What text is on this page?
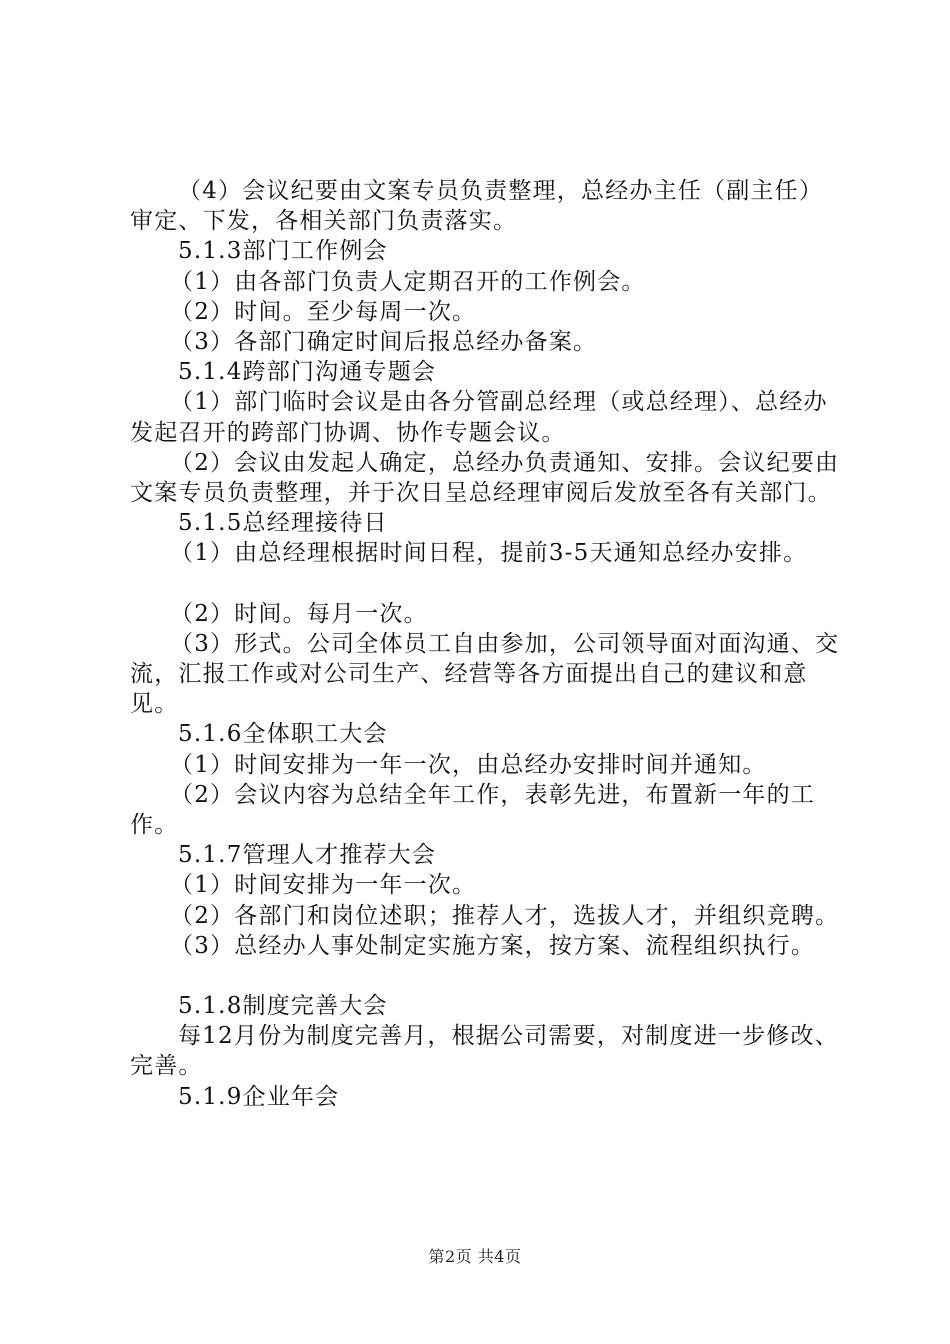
（4）会议纪要由文案专员负责整理，总经办主任（副主任）审定、下发，各相关部门负责落实。

5.1.3部门工作例会

（1）由各部门负责人定期召开的工作例会。

（2）时间。至少每周一次。

（3）各部门确定时间后报总经办备案。

5.1.4跨部门沟通专题会

（1）部门临时会议是由各分管副总经理（或总经理）、总经办发起召开的跨部门协调、协作专题会议。

（2）会议由发起人确定，总经办负责通知、安排。会议纪要由文案专员负责整理，并于次日呈总经理审阅后发放至各有关部门。

5.1.5总经理接待日

（1）由总经理根据时间日程，提前3-5天通知总经办安排。

（2）时间。每月一次。

（3）形式。公司全体员工自由参加，公司领导面对面沟通、交流，汇报工作或对公司生产、经营等各方面提出自己的建议和意见。

5.1.6全体职工大会

（1）时间安排为一年一次，由总经办安排时间并通知。

（2）会议内容为总结全年工作，表彰先进，布置新一年的工作。

5.1.7管理人才推荐大会

（1）时间安排为一年一次。

（2）各部门和岗位述职；推荐人才，选拔人才，并组织竞聘。

（3）总经办人事处制定实施方案，按方案、流程组织执行。

5.1.8制度完善大会

每12月份为制度完善月，根据公司需要，对制度进一步修改、完善。

5.1.9企业年会

第2页 共4页
